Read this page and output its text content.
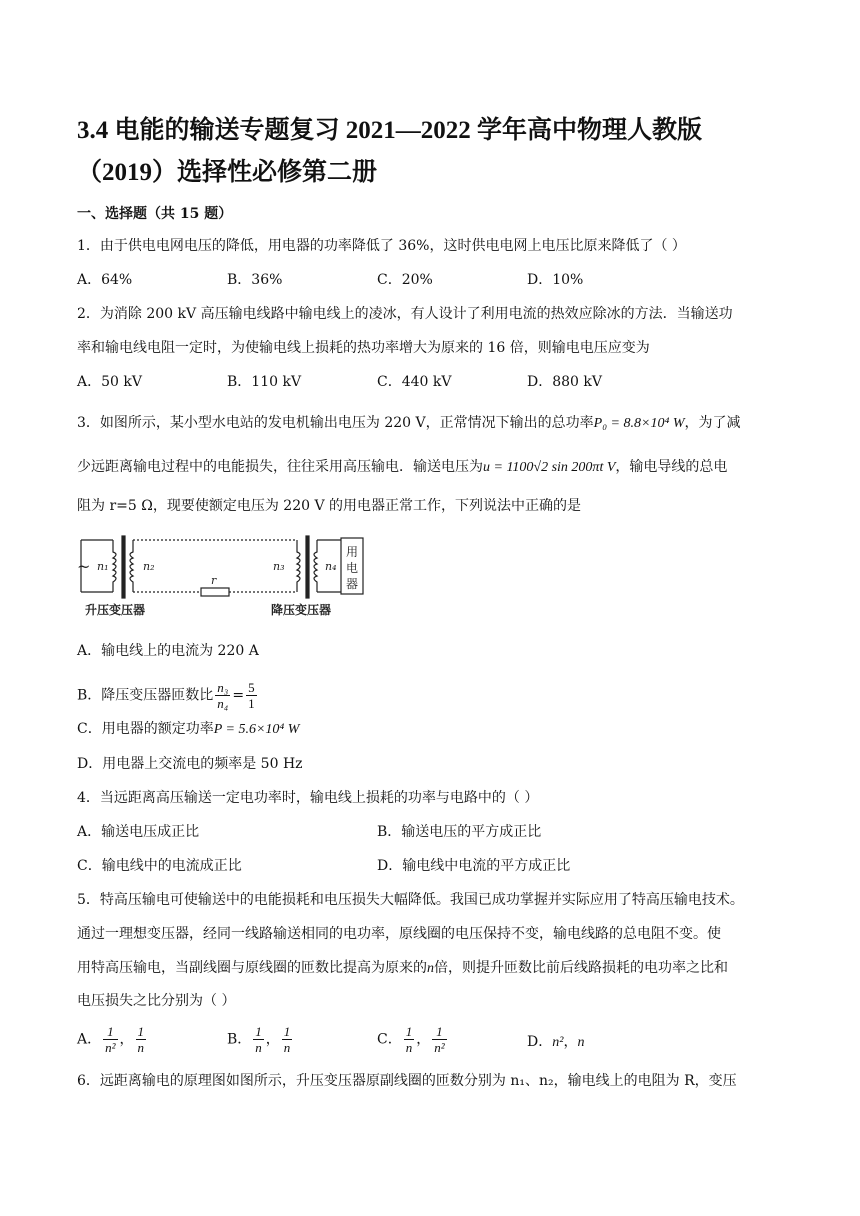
3.4 电能的输送专题复习 2021—2022 学年高中物理人教版（2019）选择性必修第二册
一、选择题（共 15 题）
1．由于供电电网电压的降低，用电器的功率降低了 36%，这时供电电网上电压比原来降低了（ ）
A．64%	B．36%	C．20%	D．10%
2．为消除 200 kV 高压输电线路中输电线上的凌冰，有人设计了利用电流的热效应除冰的方法．当输送功
率和输电线电阻一定时，为使输电线上损耗的热功率增大为原来的 16 倍，则输电电压应变为
A．50 kV	B．110 kV	C．440 kV	D．880 kV
3．如图所示，某小型水电站的发电机输出电压为 220 V，正常情况下输出的总功率P₀ = 8.8×10⁴ W，为了减
少远距离输电过程中的电能损失，往往采用高压输电．输送电压为u = 1100√2 sin 200πt V，输电导线的总电
阻为 r=5 Ω，现要使额定电压为 220 V 的用电器正常工作，下列说法中正确的是
~ n₁	n₂
r
n₃	n₄
用
电
器
升压变压器	降压变压器
A．输电线上的电流为 220 A
B．降压变压器匝数比 $\frac{\text{n₃}}{\text{n₄}} = \frac{5}{1}$
C．用电器的额定功率P = 5.6×10⁴ W
D．用电器上交流电的频率是 50 Hz
4．当远距离高压输送一定电功率时，输电线上损耗的功率与电路中的（ ）
A．输送电压成正比	B．输送电压的平方成正比
C．输电线中的电流成正比	D．输电线中电流的平方成正比
5．特高压输电可使输送中的电能损耗和电压损失大幅降低。我国已成功掌握并实际应用了特高压输电技术。
通过一理想变压器，经同一线路输送相同的电功率，原线圈的电压保持不变，输电线路的总电阻不变。使
用特高压输电，当副线圈与原线圈的匝数比提高为原来的n倍，则提升匝数比前后线路损耗的电功率之比和
电压损失之比分别为（ ）
A． $\frac{1}{\text{n²}}$ ， $\frac{1}{n}$	B． $\frac{1}{n}$ ， $\frac{1}{n}$	C． $\frac{1}{n}$ ， $\frac{1}{\text{n²}}$	D．n²，n
6．远距离输电的原理图如图所示，升压变压器原副线圈的匝数分别为 n₁、n₂，输电线上的电阻为 R，变压
